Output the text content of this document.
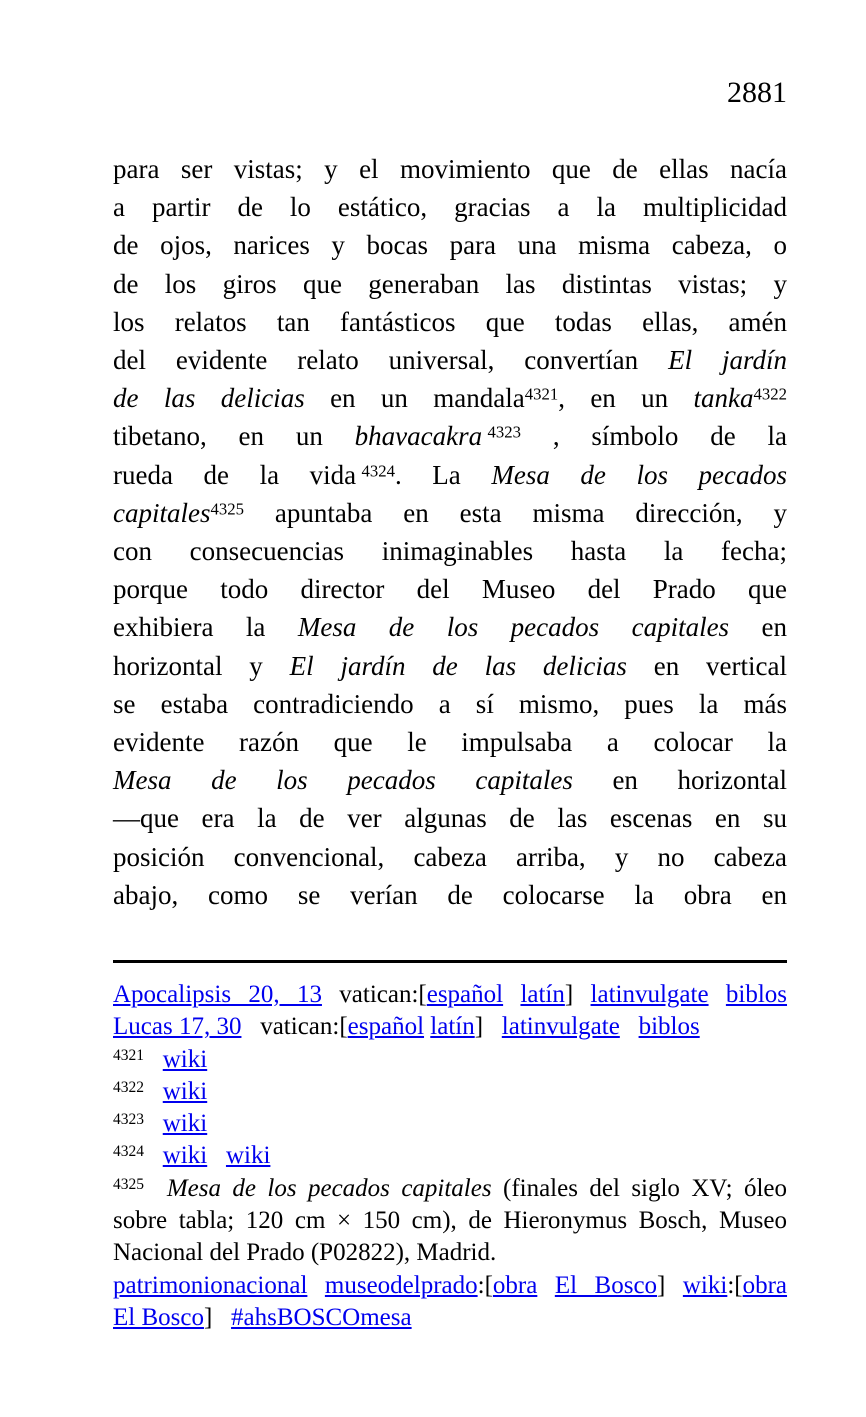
2881
para ser vistas; y el movimiento que de ellas nacía
a partir de lo estático, gracias a la multiplicidad
de ojos, narices y bocas para una misma cabeza, o
de los giros que generaban las distintas vistas; y
los relatos tan fantásticos que todas ellas, amén
del evidente relato universal, convertían El jardín
de las delicias en un mandala$^{4321}$, en un tanka$^{4322}$
tibetano, en un bhavacakra  $^{4323}$ , símbolo de la
rueda de la vida  $^{4324}$. La Mesa de los pecados
capitales$^{4325}$ apuntaba en esta misma dirección, y
con consecuencias inimaginables hasta la fecha;
porque todo director del Museo del Prado que
exhibiera la Mesa de los pecados capitales en
horizontal y El jardín de las delicias en vertical
se estaba contradiciendo a sí mismo, pues la más
evidente razón que le impulsaba a colocar la
Mesa de los pecados capitales en horizontal
—que era la de ver algunas de las escenas en su
posición convencional, cabeza arriba, y no cabeza
abajo, como se verían de colocarse la obra en
Apocalipsis 20, 13 vatican:[español latín] latinvulgate biblos
Lucas 17, 30   vatican:[español latín]   latinvulgate biblos
$^{4321}$ wiki
$^{4322}$ wiki
$^{4323}$ wiki
$^{4324}$ wiki wiki
$^{4325}$ Mesa de los pecados capitales (finales del siglo XV; óleo
sobre tabla; 120 cm × 150 cm), de Hieronymus Bosch, Museo
Nacional del Prado (P02822), Madrid.
patrimonionacional museodelprado:[obra El Bosco] wiki:[obra
El Bosco]   #ahsBOSCOmesa
